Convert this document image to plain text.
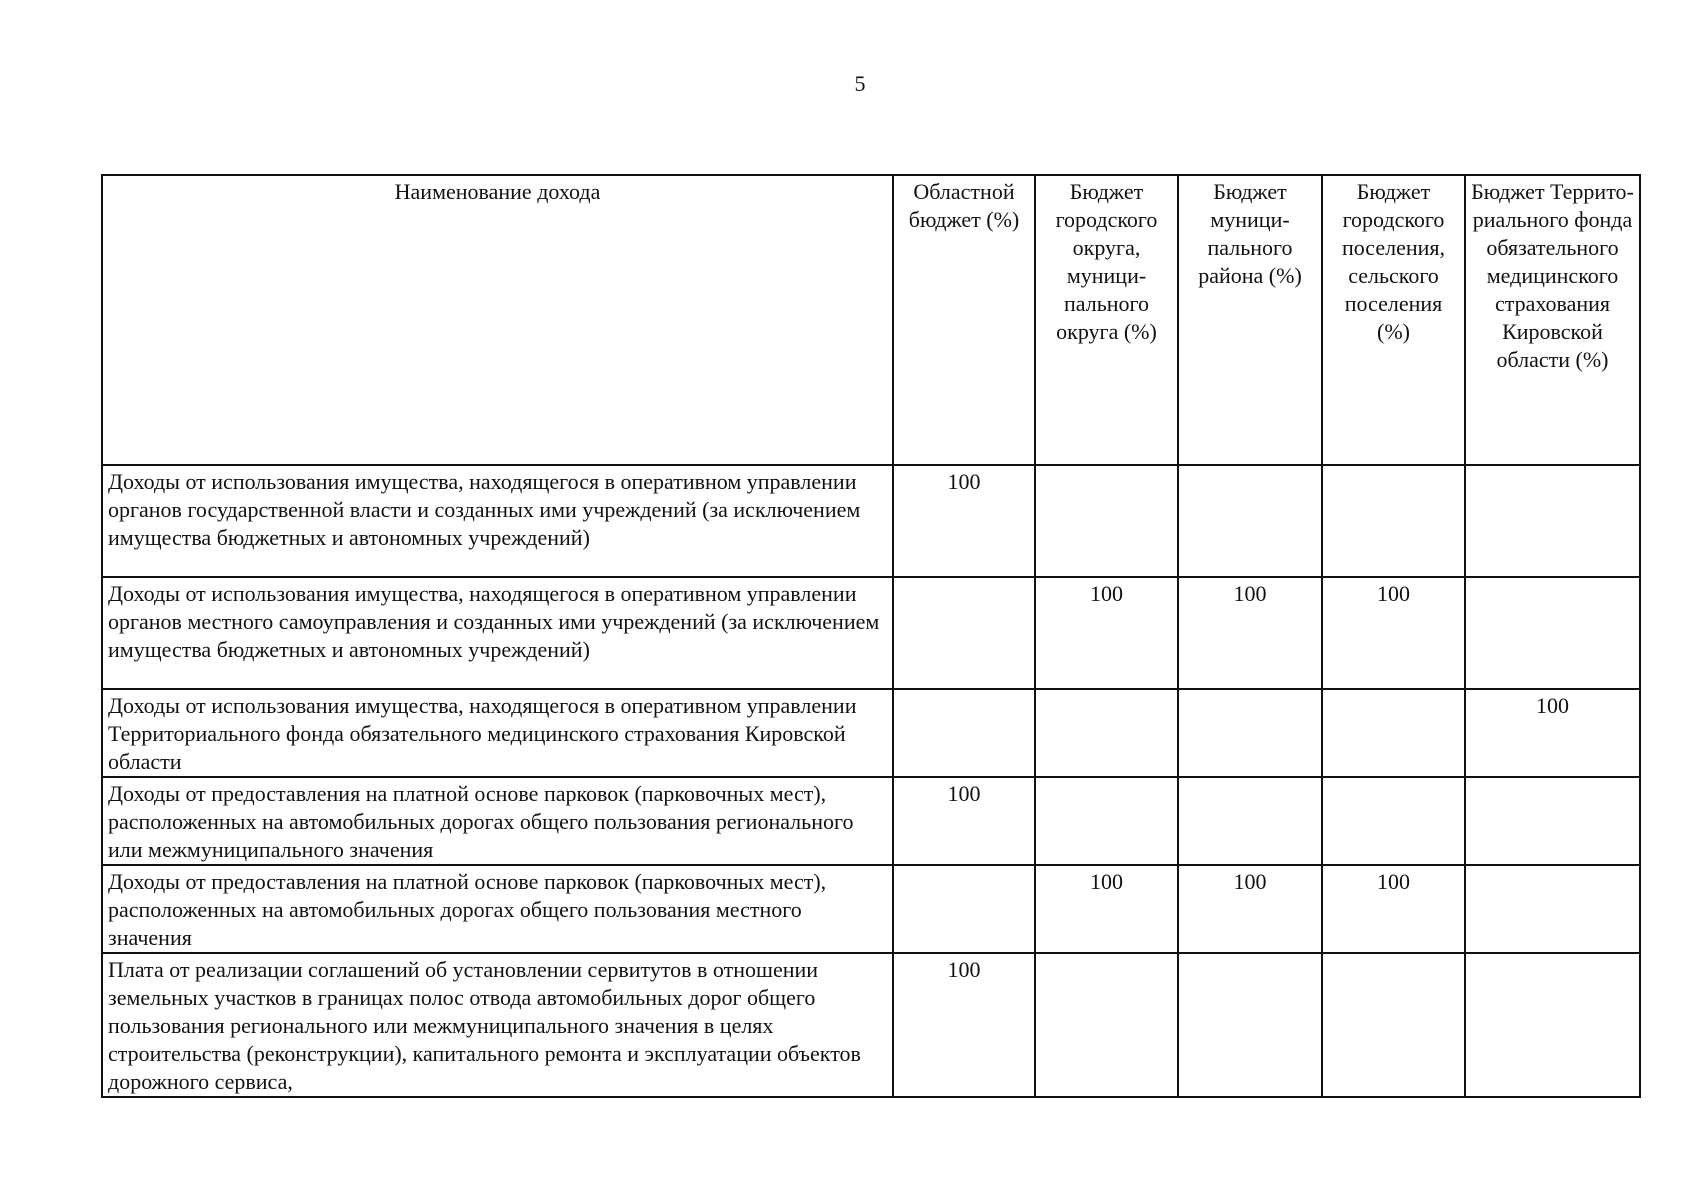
5
Наименование дохода	Областной бюджет (%)	Бюджет городского округа, муници-пального округа (%)	Бюджет муници-пального района (%)	Бюджет городского поселения, сельского поселения (%)	Бюджет Террито-риального фонда обязательного медицинского страхования Кировской области (%)
Доходы от использования имущества, находящегося в оперативном управлении органов государственной власти и созданных ими учреждений (за исключением имущества бюджетных и автономных учреждений)	100				
Доходы от использования имущества, находящегося в оперативном управлении органов местного самоуправления и созданных ими учреждений (за исключением имущества бюджетных и автономных учреждений)		100	100	100	
Доходы от использования имущества, находящегося в оперативном управлении Территориального фонда обязательного медицинского страхования Кировской области					100
Доходы от предоставления на платной основе парковок (парковочных мест), расположенных на автомобильных дорогах общего пользования регионального или межмуниципального значения	100				
Доходы от предоставления на платной основе парковок (парковочных мест), расположенных на автомобильных дорогах общего пользования местного значения		100	100	100	
Плата от реализации соглашений об установлении сервитутов в отношении земельных участков в границах полос отвода автомобильных дорог общего пользования регионального или межмуниципального значения в целях строительства (реконструкции), капитального ремонта и эксплуатации объектов дорожного сервиса,	100				
